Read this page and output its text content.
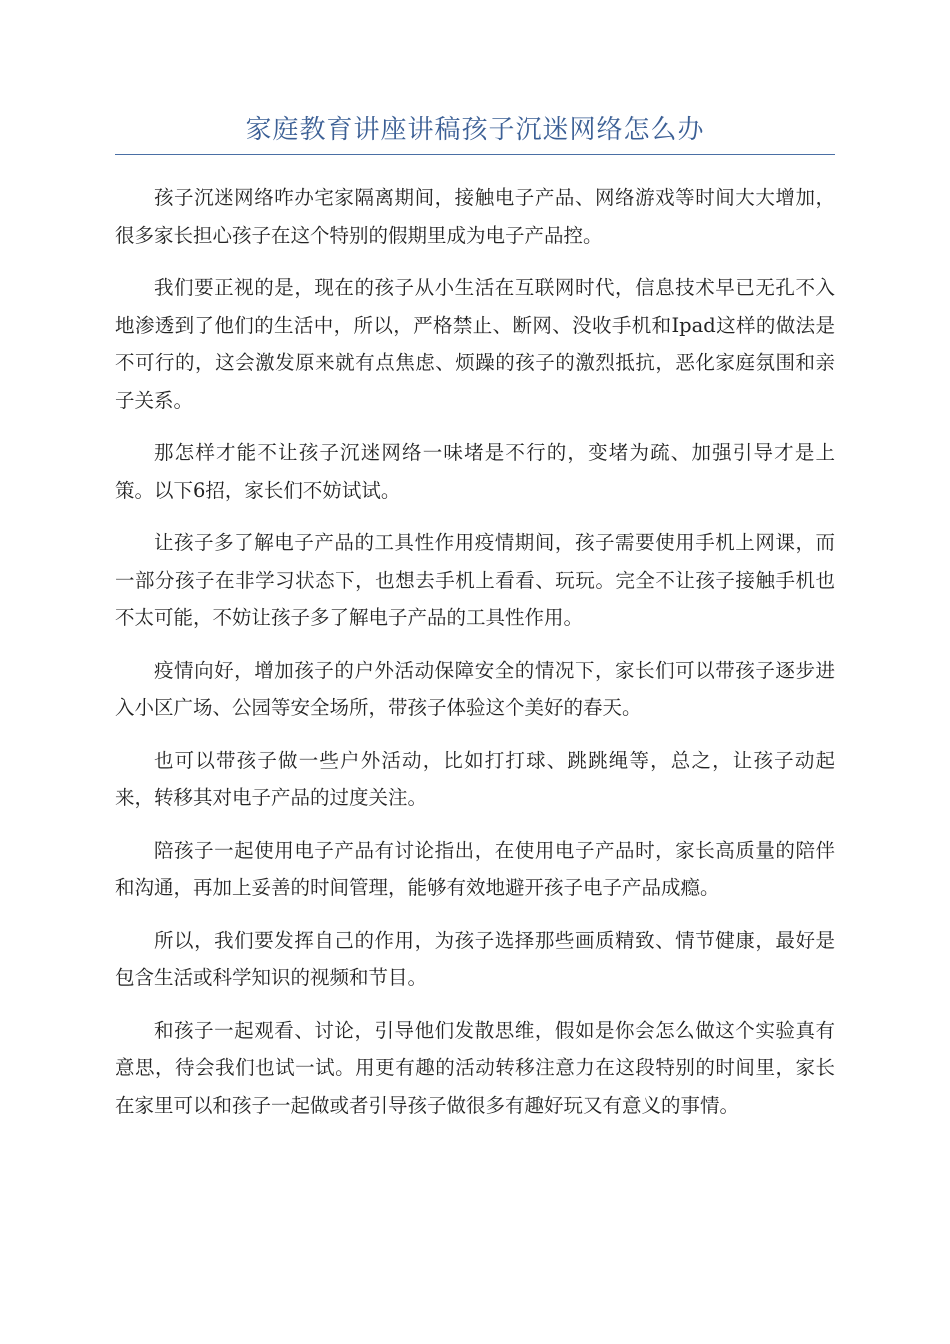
家庭教育讲座讲稿孩子沉迷网络怎么办

孩子沉迷网络咋办宅家隔离期间，接触电子产品、网络游戏等时间大大增加，很多家长担心孩子在这个特别的假期里成为电子产品控。

我们要正视的是，现在的孩子从小生活在互联网时代，信息技术早已无孔不入地渗透到了他们的生活中，所以，严格禁止、断网、没收手机和Ipad这样的做法是不可行的，这会激发原来就有点焦虑、烦躁的孩子的激烈抵抗，恶化家庭氛围和亲子关系。

那怎样才能不让孩子沉迷网络一味堵是不行的，变堵为疏、加强引导才是上策。以下6招，家长们不妨试试。

让孩子多了解电子产品的工具性作用疫情期间，孩子需要使用手机上网课，而一部分孩子在非学习状态下，也想去手机上看看、玩玩。完全不让孩子接触手机也不太可能，不妨让孩子多了解电子产品的工具性作用。

疫情向好，增加孩子的户外活动保障安全的情况下，家长们可以带孩子逐步进入小区广场、公园等安全场所，带孩子体验这个美好的春天。

也可以带孩子做一些户外活动，比如打打球、跳跳绳等，总之，让孩子动起来，转移其对电子产品的过度关注。

陪孩子一起使用电子产品有讨论指出，在使用电子产品时，家长高质量的陪伴和沟通，再加上妥善的时间管理，能够有效地避开孩子电子产品成瘾。

所以，我们要发挥自己的作用，为孩子选择那些画质精致、情节健康，最好是包含生活或科学知识的视频和节目。

和孩子一起观看、讨论，引导他们发散思维，假如是你会怎么做这个实验真有意思，待会我们也试一试。用更有趣的活动转移注意力在这段特别的时间里，家长在家里可以和孩子一起做或者引导孩子做很多有趣好玩又有意义的事情。
